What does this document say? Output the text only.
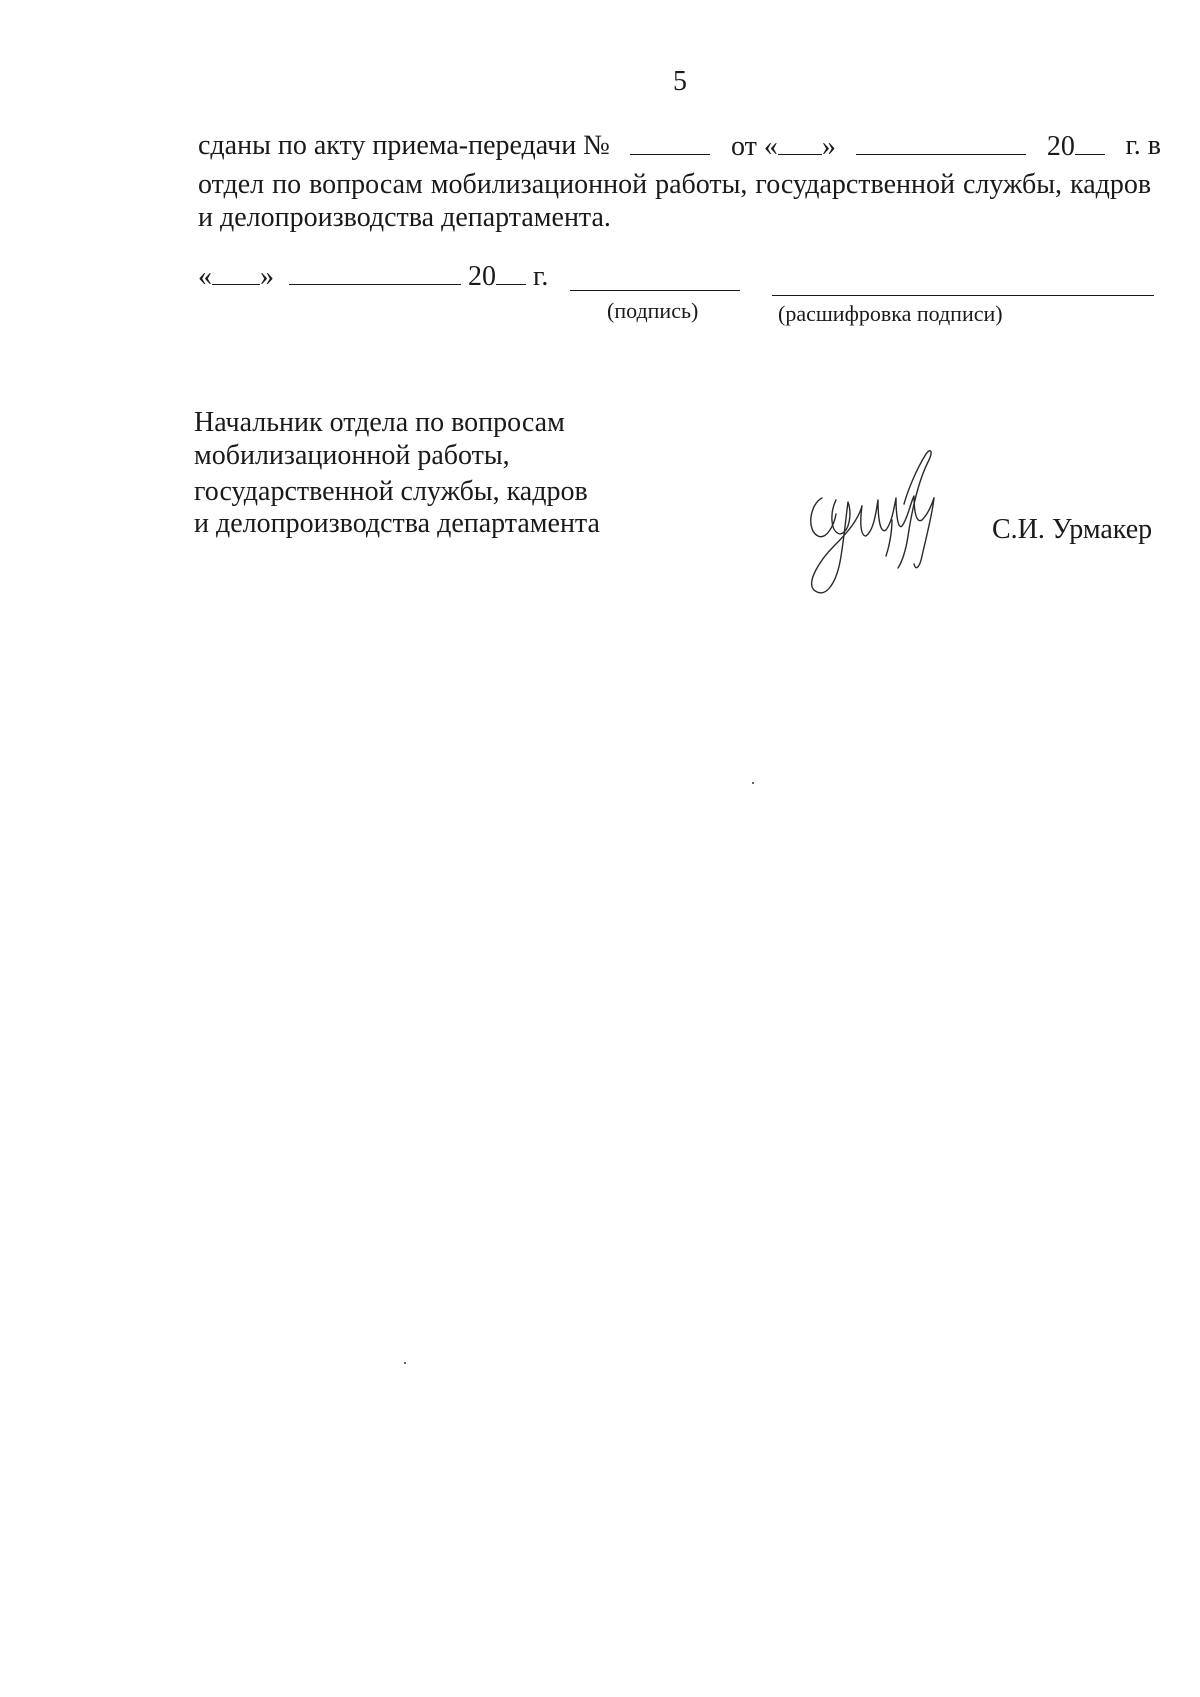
5
сданы по акту приема-передачи №	от « »	20	г. в
отдел по вопросам мобилизационной работы, государственной службы, кадров
и делопроизводства департамента.
« »	20 г.
(подпись)	(расшифровка подписи)
Начальник отдела по вопросам
мобилизационной работы,
государственной службы, кадров
и делопроизводства департамента	С.И. Урмакер
